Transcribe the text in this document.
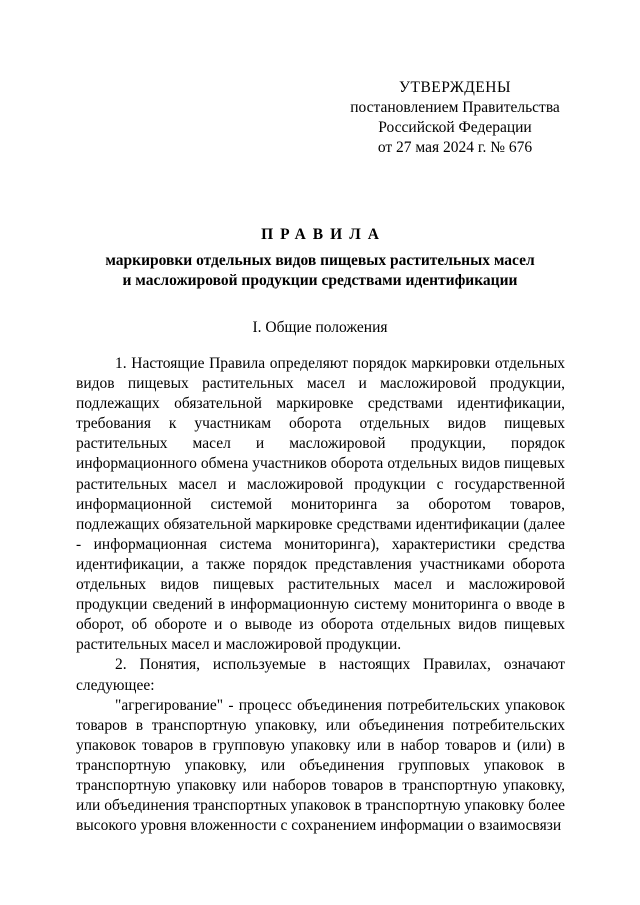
УТВЕРЖДЕНЫ
постановлением Правительства
Российской Федерации
от 27 мая 2024 г. № 676
ПРАВИЛА
маркировки отдельных видов пищевых растительных масел
и масложировой продукции средствами идентификации
I. Общие положения

1. Настоящие Правила определяют порядок маркировки отдельных видов пищевых растительных масел и масложировой продукции, подлежащих обязательной маркировке средствами идентификации, требования к участникам оборота отдельных видов пищевых растительных масел и масложировой продукции, порядок информационного обмена участников оборота отдельных видов пищевых растительных масел и масложировой продукции с государственной информационной системой мониторинга за оборотом товаров, подлежащих обязательной маркировке средствами идентификации (далее - информационная система мониторинга), характеристики средства идентификации, а также порядок представления участниками оборота отдельных видов пищевых растительных масел и масложировой продукции сведений в информационную систему мониторинга о вводе в оборот, об обороте и о выводе из оборота отдельных видов пищевых растительных масел и масложировой продукции.

2. Понятия, используемые в настоящих Правилах, означают следующее:

"агрегирование" - процесс объединения потребительских упаковок товаров в транспортную упаковку, или объединения потребительских упаковок товаров в групповую упаковку или в набор товаров и (или) в транспортную упаковку, или объединения групповых упаковок в транспортную упаковку или наборов товаров в транспортную упаковку, или объединения транспортных упаковок в транспортную упаковку более высокого уровня вложенности с сохранением информации о взаимосвязи
